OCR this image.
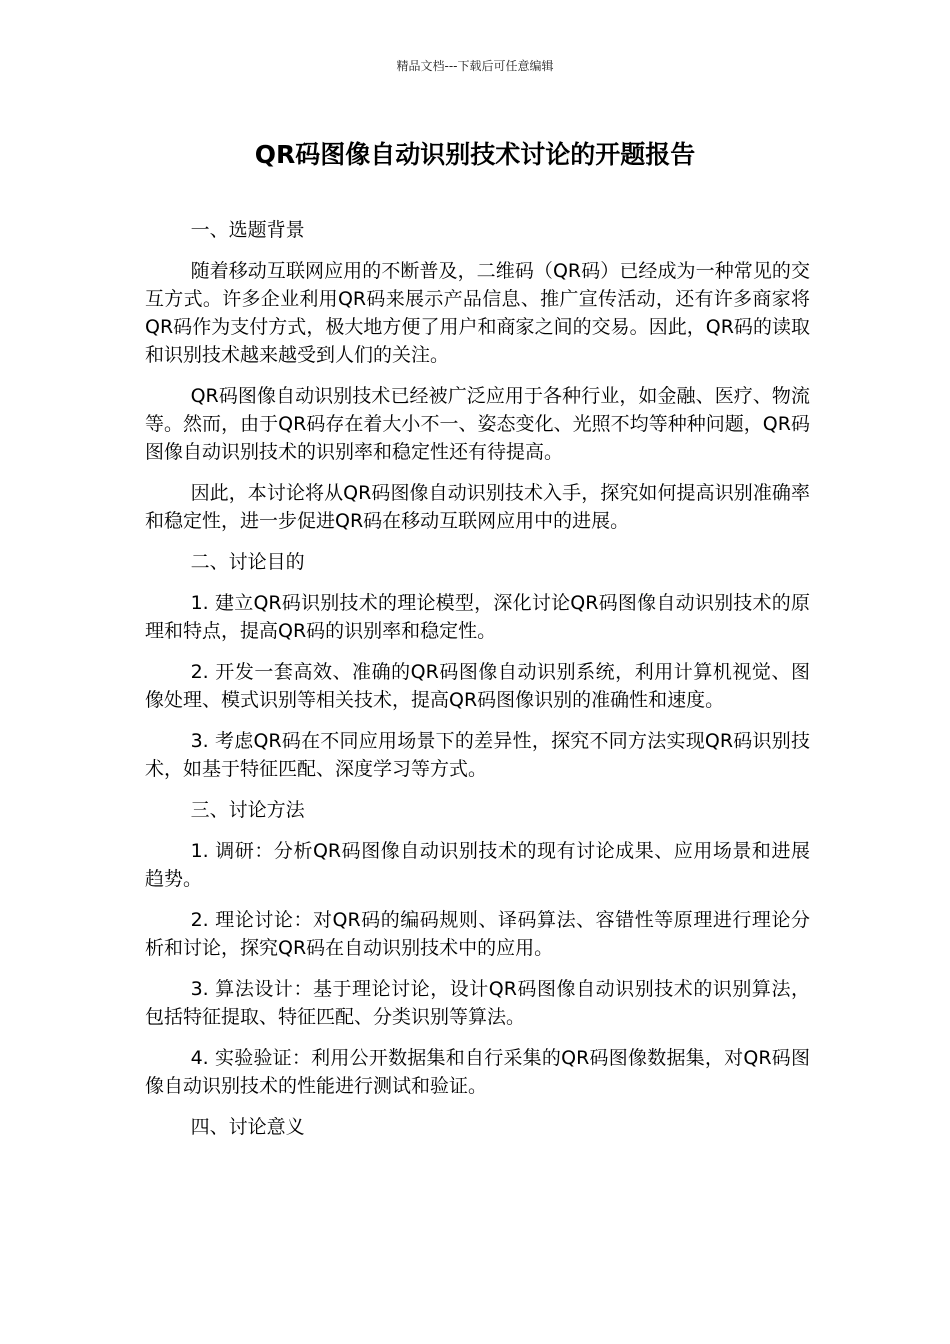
精品文档---下载后可任意编辑
QR码图像自动识别技术讨论的开题报告

一、选题背景

随着移动互联网应用的不断普及，二维码（QR码）已经成为一种常见的交互方式。许多企业利用QR码来展示产品信息、推广宣传活动，还有许多商家将QR码作为支付方式，极大地方便了用户和商家之间的交易。因此，QR码的读取和识别技术越来越受到人们的关注。

QR码图像自动识别技术已经被广泛应用于各种行业，如金融、医疗、物流等。然而，由于QR码存在着大小不一、姿态变化、光照不均等种种问题，QR码图像自动识别技术的识别率和稳定性还有待提高。

因此，本讨论将从QR码图像自动识别技术入手，探究如何提高识别准确率和稳定性，进一步促进QR码在移动互联网应用中的进展。

二、讨论目的

1. 建立QR码识别技术的理论模型，深化讨论QR码图像自动识别技术的原理和特点，提高QR码的识别率和稳定性。

2. 开发一套高效、准确的QR码图像自动识别系统，利用计算机视觉、图像处理、模式识别等相关技术，提高QR码图像识别的准确性和速度。

3. 考虑QR码在不同应用场景下的差异性，探究不同方法实现QR码识别技术，如基于特征匹配、深度学习等方式。

三、讨论方法

1. 调研：分析QR码图像自动识别技术的现有讨论成果、应用场景和进展趋势。

2. 理论讨论：对QR码的编码规则、译码算法、容错性等原理进行理论分析和讨论，探究QR码在自动识别技术中的应用。

3. 算法设计：基于理论讨论，设计QR码图像自动识别技术的识别算法，包括特征提取、特征匹配、分类识别等算法。

4. 实验验证：利用公开数据集和自行采集的QR码图像数据集，对QR码图像自动识别技术的性能进行测试和验证。

四、讨论意义
